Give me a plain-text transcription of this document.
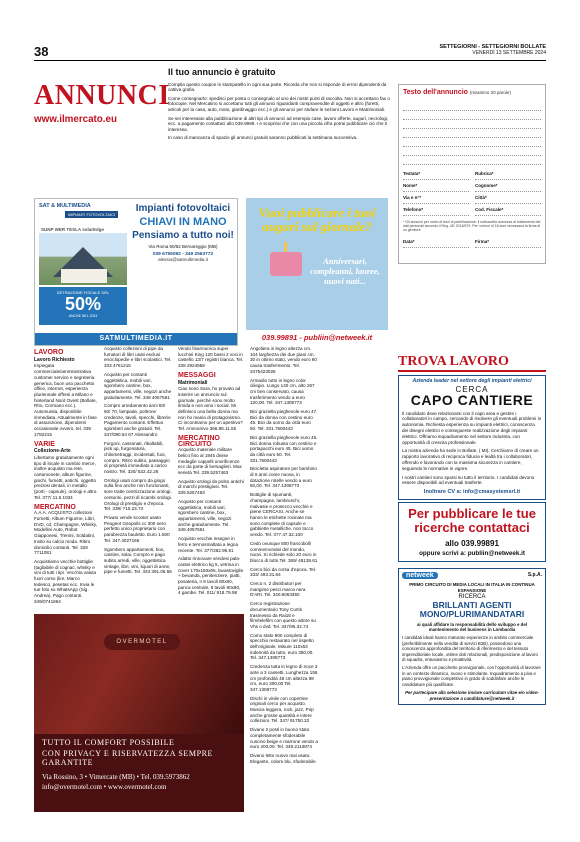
38	SETTEGIORNI - SETTEGIORNI BOLLATE
VENERDÌ 13 SETTEMBRE 2024
ANNUNCI
www.ilmercato.eu
Il tuo annuncio è gratuito

Compila questo coupon in stampatello in ogni sua parte. Ricorda che non si risponde di errori dipendenti da cattiva grafia.

Come consegnarlo: spedisci per posta o consegnalo al uno dei nostri punti di raccolta. Non si accettano fax o fotocopie. Nel Mercatino si accettano tutti gli annunci riguardanti compravendite di oggetti e altro (furetti, articoli per la casa, auto, moto, giardinaggio ecc.) e gli annunci per stufare le sezioni Lavoro e Matrimoniali.

Se sei interessato alla pubblicazione di altri tipi di annunci ad esempio case, lavoro offerte, auguri, necrologi, ecc. a pagamento contattaci allo 039.9989. I e scoprirai che con una piccola cifra potrai pubblicare ciò che ti interessa.

In caso di mancanza di spazio gli annunci gratuiti saranno pubblicati la settimana successiva.

Testo dell'annuncio (massimo 20 parole)
Testata*	Rubrica*
Nome*	Cognome*
Via e n°*	Città*
Telefono*	Cod. Fiscale*
* Gli annunci per conto di terzi di pubblicazione: il sottoscritto autorizza al trattamento dei dati personali secondo il Reg. UE 2016/679. Per i minori di 18 anni necessaria la firma di un genitore.
Data*	Firma*
SAT & MULTIMEDIA
IMPIANTI FOTOVOLTAICI
SUNP WER TESLA solarEdge
DETRAZIONE FISCALE DEL
50%
ANCHE NEL 2024
Impianti fotovoltaici
CHIAVI IN MANO
Pensiamo a tutto noi!
Via Roma 60/62 Bernareggio (MB)
039 6755092 - 349 2563772
alessio@satmultimedia.it
SATMULTIMEDIA.IT
Vuoi pubblicare i tuoi auguri sul giornale?
Anniversari, compleanni, lauree, nuovi nati...
039.99891 - publiin@netweek.it
LAVORO
Lavoro Richiesto

Impiegata commerciale/amministrativa customer service e segreteria generica, buon uso pacchetto office, internet, esperienza pluriennale offresi a Milano e hinterland Nord Ovest (Bollate, Rho, Cormano ecc.). Automunita, disponibile immediata. Attualmente in fase di assunzione, dipendenti occasionale ovvero, tel. 339 1782215

VARIE
Collezione-Arte

Libertamo gratuitamente ogni tipo di locale in cambio merce, inoltre acquisto ma rete, cartamonete, album figurine, giochi, fumetti, antichi, oggetto preziosi dentali, in metallo (porti - capsule), orologi e altro. Tel. 377/ 11.5.1034

MERCATINO

A.A.A. ACQUISTO collezioni Fumetti, Album Figurine, Libri, DVD, cd, Champagne, Whisky, Modellini Auto, Robot Giapponesi, Trenini, Soldatini, Invito su calcio moda. Ritiro domicilio contanti. Tel. 328 7711081

Acquistiamo vecchie bottiglie (tagliabile di cognac, whisky e vini di tutti i tipi. Vecchia valuta fuori corso (lire, Marco tedesco, pesetas ecc. Invia le tue foto su WhatsApp (Sig. Andrea). Pago contanti. 349/0741864

Acquisto collezioni di pipe da fumatori di libri usati esclusi enciclopedie e libri scolastici. Tel. 333 4761215

Acquisto per contanti oggettistica, mobili vari, sgombero cantine, box, appartamenti, ville, negozi anche gratuitamente. Tel. 348 4057561

Compro arredamento anni 50/ 60/ 70, lampade, poltrone credenze, tavoli, specchi, librerie Pagamento contanti. Effettuo sgomberi anche gratuiti. Tel. 347/090.54 67 Alessandro

Furgoni, cassonati, ribaltabili, pick up, furgonatura, chilometraggi, incidentati, fuoi, compro. Ritiro subito, passaggio di proprietà immediato a carico nostro. Tel. 320/ 532.42.26

Orologi usati compro da giogo sulla fino anche non funzionanti, sore tratte centrizzazione orologi, centurini, pezzi di ricambi orologi. Orologi di prestigio e d'epoca. Tel. 339/ 710.23.73

Privato vende scooter usato Peugeot Geopolis cc 300 nero perfetto unico proprietario con parabrezza bauletto. Euro 1.500 Tel. 347.4027166

Sgombero appartamenti, box, cantine, solai. Compro e pago subito arredi, ville, oggettistica vintage, libri, vini, liquori di anne, pipe e fumetti. Tel. 334 391.06.56

Vendo fisarmonica super lucchini King 120 bassi 2 voci in castello 13/7 registri bianca. Tel. 338 2924958

MESSAGGI
Matrimoniali

Ciao sono Sara, ho provato ad inserire un annuncio sul giornale, perché sono molto timida e non amo i social. Mi definisco una bella donna ma non ho mania di protagonismo. Ci incontriamo per un aperitivo? Tel. Ammorevo 366.88.11.55

MERCATINO CIRCUITO

Acquisto materiale militare belico fino al 1945 divise medaglie cappelli onorificenze ecc da parte di bersaglieri. Max serietà Tel. 339.5257463

Acquisto orologi da polso antichi di marchi prestigiosi. Tel. 339.5257463

Acquisto per contanti oggettistica, mobili vari, sgombero cantine, box, appartamenti, ville, negozi anche gratuitamente. Tel. 348.4057561

Acquisto vecchie insegne in ferro e termosmaltata a legna recente. Tel. 377/382.95.91

Adatto rinnovare vendesi pala-cantei elettrico kg 5, vetrina in cover 170x160x65, lavastoviglie + bevanda, penitenziere, piatti, posateria, n 8 tavoli 80x80, panca centrale, 8 tavoli 80x80, 4 gambe. Tel. 011/ 918.79.98

Angoliera in legno altezza cm. 104 larghezza dei due piani cm. 30 in ottimo stato, vendo euro 60 causa trasferimento. Tel. 3475423026

Armadio tutto in legno color ciliegio. Lungo 140 cm, alto 267 cm ben conservato, causa trasferimento vendo a euro 120,00. Tel. 347.1308773

Bici graziella pieghevole euro 47. Bici da donna con cestino euro 45. Bici da uomo da città euro 50. Tel. 331.7600443

Bici graziella pieghevole euro 45. Bici donna robusta con cestino e portapacchi euro 45. Bici uomo da città euro 50. Tel. 331.7600443

Bicicletta aspiratore per bambino di 6 anni come nuova, in dotazione rotelle vendo a euro 50,00. Tel. 347.1308773

Bottiglie di spumanti, champagne, lambruschi, malvasie e prosecco vecchie e piene CERCASI. Anche se hanno le etichette rovinate ma sono complete di capsule e gabbiette metalliche, non tocco vendo. Tel. 377.47.32.100

Cedo ovunque 800 francobolli commemorativi del mondo, nuovi. Si richiede solo 20 euro in blocco di tutto Tel. 369/ 48139.61

Cerco bici da corsa d'epoca. Tel. 333/ 493.31.84

Cerco n. 2 distributori per mangime pesci marca nera D'ARI. Tel. 340.8063350

Cerco registrazione documentario Tony Curtis trasmesso da Rai15 e film/telefilm con questo attore su Vhs o dvd. Tel. 347/95.32.74

Como stato 900 completo di specchio restaurato nel rispetto dell'originale. Misure 110x53 indennità da tutto, euro 350,00. Tel. 347.1308773

Credenza tutta in legno di noce 3 ante a 3 cassetti. Lunghezza 156 cm profondità 48 cm altezza 98 cm, euro 300,00 Tel. 347.1308773

Dischi in vinile con copertine originali cerco per acquisto. Musica leggera, rock, jazz, Pop anche grosse quantità e intere collezioni. Tel. 347/ 91750.32

Divano 2 posti in buono stato completamente sfoderabile cuscino beige e marrone vendo a euro 200,00. Tel. 349.2113874

Divano letto nuovo mai usato. Elegante, colore blu, sfoderabile

OVERMOTEL
TUTTO IL COMFORT POSSIBILE
CON PRIVACY E RISERVATEZZA SEMPRE GARANTITE
Via Rossino, 3 • Vimercate (MB) • Tel. 039.5973862
info@overmotel.com • www.overmotel.com
TROVA LAVORO
Azienda leader nel settore degli impianti elettrici
CERCA
CAPO CANTIERE
Il candidato deve relazionarsi con il capo area e gestire i collaboratori in campo, cercando di risolvere gli eventuali problemi in autonomia. Richiesta esperienza su impianti elettrici, conoscenza dei disegni elettrici e conseguente realizzazione degli impianti elettrici. Offriamo inquadramento nel settore industria, con opportunità di crescita professionale.
La nostra azienda ha sede in Bollate, ( MI). Cerchiamo di creare un rapporto lavorativo di reciproca fiducia e lealtà tra i collaboratori, offrendo e lavorando con la massima sicurezza in cantiere, seguendo le normative in vigore.
I nostri cantieri sono sparsi su tutto il territorio. I candidati devono essere disponibili ad eventuali trasferte.
Inoltrare CV a: info@cmasystemsrl.it
Per pubblicare le tue ricerche contattaci
allo 039.99891
oppure scrivi a: publiin@netweek.it
netweek	S.p.A.
PRIMO CIRCUITO DI MEDIA LOCALI IN ITALIA IN CONTINUA ESPANSIONE
RICERCA
BRILLANTI AGENTI MONO/PLURIMANDATARI
ai quali affidare la responsabilità dello sviluppo e del mantenimento del business in Lombardia
I candidati ideali hanno maturato esperienze in ambito commerciale (preferibilmente nella vendita di servizi B2B), possiedono una conoscenza approfondita del territorio di riferimento e del tessuto imprenditoriale locale, ottime doti relazionali, predisposizione al lavoro di squadra, entusiasmo e proattività.
L'Azienda offre un pacchetto provvigionale, con l'opportunità di lavorare in un contesto dinamico, nuovo e stimolante. Inquadramento a piva e piano provvigionale competitivo in grado di soddisfare anche le candidature più qualificate.
Per partecipare alla selezione inviare curriculum vitae e/o video-presentazione a candidature@netweek.it
